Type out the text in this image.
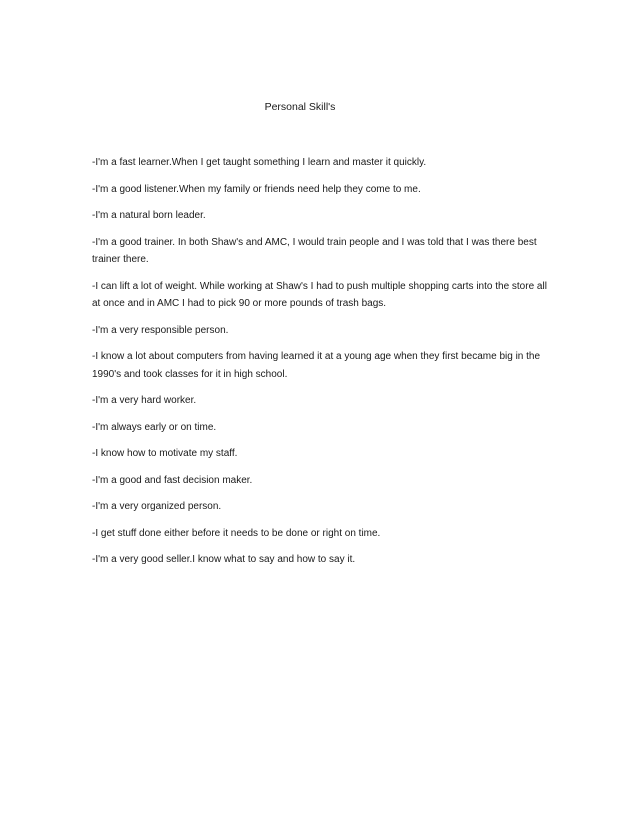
Personal Skill's
-I'm a fast learner.When I get taught something I learn and master it quickly.
-I'm a good listener.When my family or friends need help they come to me.
-I'm a natural born leader.
-I'm a good trainer. In both Shaw's and AMC, I would train people and I was told that I was there best trainer there.
-I can lift a lot of weight. While working at Shaw's I had to push multiple shopping carts into the store all at once and in AMC I had to pick 90 or more pounds of trash bags.
-I'm a very responsible person.
-I know a lot about computers from having learned it at a young age when they first became big in the 1990's and took classes for it in high school.
-I'm a very hard worker.
-I'm always early or on time.
-I know how to motivate my staff.
-I'm a good and fast decision maker.
-I'm a very organized person.
-I get stuff done either before it needs to be done or right on time.
-I'm a very good seller.I know what to say and how to say it.
